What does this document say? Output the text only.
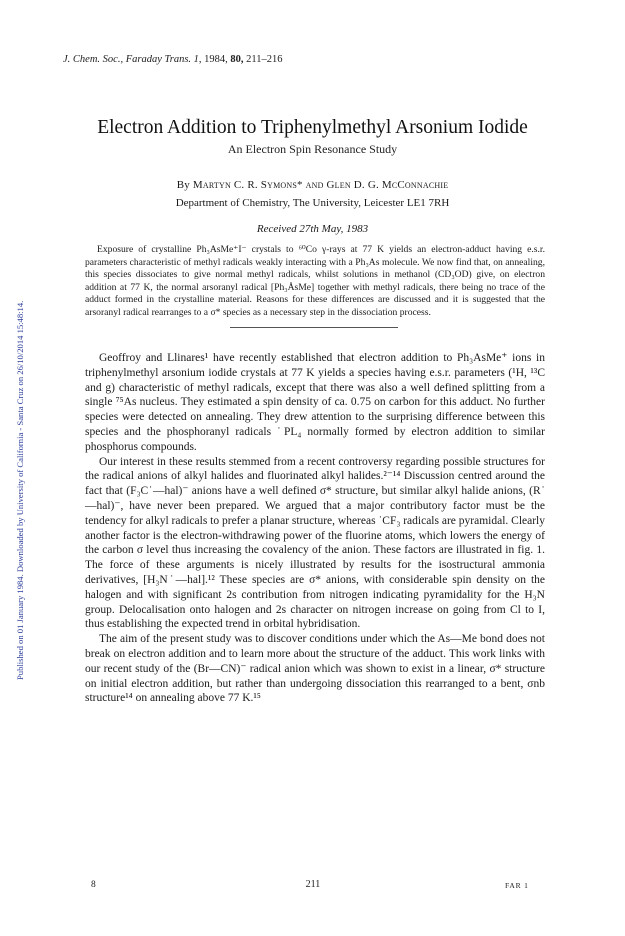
Published on 01 January 1984. Downloaded by University of California - Santa Cruz on 26/10/2014 15:48:14.
J. Chem. Soc., Faraday Trans. 1, 1984, 80, 211–216
Electron Addition to Triphenylmethyl Arsonium Iodide
An Electron Spin Resonance Study
By Martyn C. R. Symons* and Glen D. G. McConnachie
Department of Chemistry, The University, Leicester LE1 7RH
Received 27th May, 1983

Exposure of crystalline Ph₃AsMe⁺I⁻ crystals to ⁶⁰Co γ-rays at 77 K yields an electron-adduct having e.s.r. parameters characteristic of methyl radicals weakly interacting with a Ph₃As molecule. We now find that, on annealing, this species dissociates to give normal methyl radicals, whilst solutions in methanol (CD₃OD) give, on electron addition at 77 K, the normal arsoranyl radical [Ph₃ÅsMe] together with methyl radicals, there being no trace of the adduct formed in the crystalline material. Reasons for these differences are discussed and it is suggested that the arsoranyl radical rearranges to a σ* species as a necessary step in the dissociation process.

Geoffroy and Llinares¹ have recently established that electron addition to Ph₃AsMe⁺ ions in triphenylmethyl arsonium iodide crystals at 77 K yields a species having e.s.r. parameters (¹H, ¹³C and g) characteristic of methyl radicals, except that there was also a well defined splitting from a single ⁷⁵As nucleus. They estimated a spin density of ca. 0.75 on carbon for this adduct. No further species were detected on annealing. They drew attention to the surprising difference between this species and the phosphoranyl radicals ˙PL₄ normally formed by electron addition to similar phosphorus compounds.

Our interest in these results stemmed from a recent controversy regarding possible structures for the radical anions of alkyl halides and fluorinated alkyl halides.²⁻¹⁴ Discussion centred around the fact that (F₃C˙—hal)⁻ anions have a well defined σ* structure, but similar alkyl halide anions, (R˙—hal)⁻, have never been prepared. We argued that a major contributory factor must be the tendency for alkyl radicals to prefer a planar structure, whereas ˙CF₃ radicals are pyramidal. Clearly another factor is the electron-withdrawing power of the fluorine atoms, which lowers the energy of the carbon σ level thus increasing the covalency of the anion. These factors are illustrated in fig. 1. The force of these arguments is nicely illustrated by results for the isostructural ammonia derivatives, [H₃N˙—hal].¹² These species are σ* anions, with considerable spin density on the halogen and with significant 2s contribution from nitrogen indicating pyramidality for the H₃N group. Delocalisation onto halogen and 2s character on nitrogen increase on going from Cl to I, thus establishing the expected trend in orbital hybridisation.

The aim of the present study was to discover conditions under which the As—Me bond does not break on electron addition and to learn more about the structure of the adduct. This work links with our recent study of the (Br—CN)⁻ radical anion which was shown to exist in a linear, σ* structure on initial electron addition, but rather than undergoing dissociation this rearranged to a bent, σnb structure¹⁴ on annealing above 77 K.¹⁵

8	211	FAR 1
